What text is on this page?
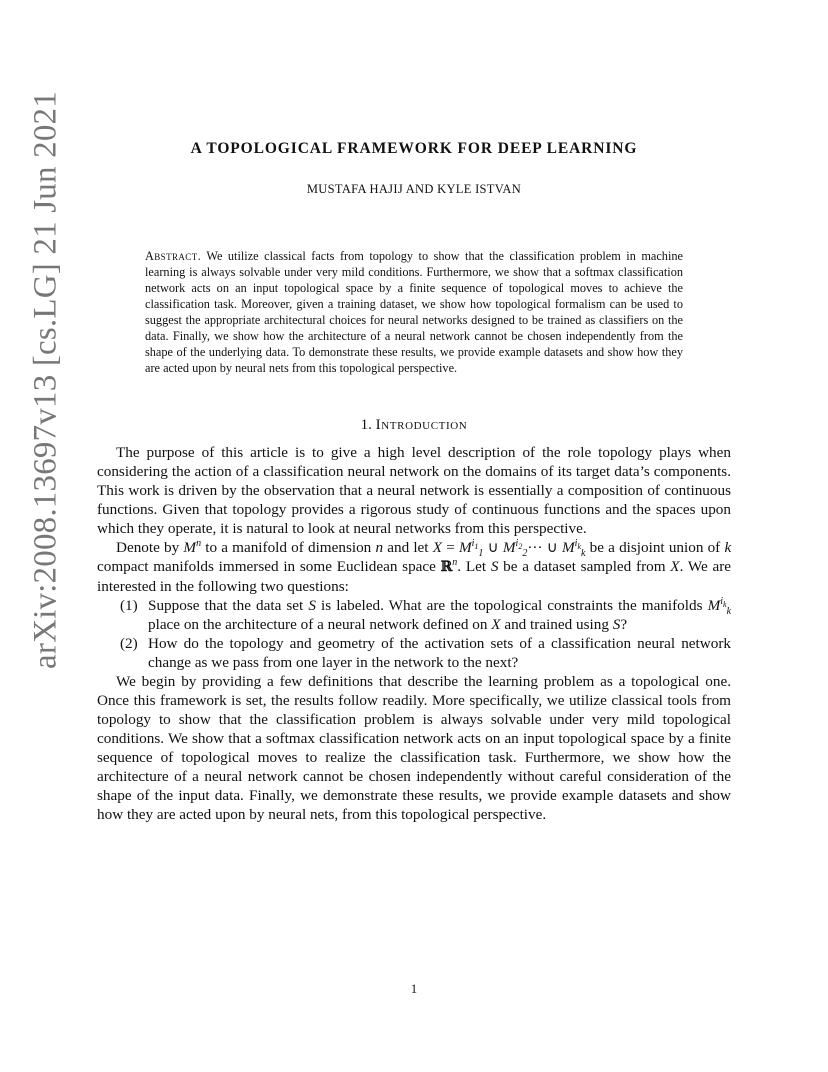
arXiv:2008.13697v13 [cs.LG] 21 Jun 2021	A TOPOLOGICAL FRAMEWORK FOR DEEP LEARNING
MUSTAFA HAJIJ AND KYLE ISTVAN
Abstract. We utilize classical facts from topology to show that the classification problem in machine learning is always solvable under very mild conditions. Furthermore, we show that a softmax classification network acts on an input topological space by a finite sequence of topological moves to achieve the classification task. Moreover, given a training dataset, we show how topological formalism can be used to suggest the appropriate architectural choices for neural networks designed to be trained as classifiers on the data. Finally, we show how the architecture of a neural network cannot be chosen independently from the shape of the underlying data. To demonstrate these results, we provide example datasets and show how they are acted upon by neural nets from this topological perspective.
1. Introduction

The purpose of this article is to give a high level description of the role topology plays when considering the action of a classification neural network on the domains of its target data’s components. This work is driven by the observation that a neural network is essentially a composition of continuous functions. Given that topology provides a rigorous study of continuous functions and the spaces upon which they operate, it is natural to look at neural networks from this perspective.

Denote by $M^n$ to a manifold of dimension n and let $X = M^{i_1}_1$ ∪ $M^{i_2}_2\cdot\cdot\cdot$ ∪ $M^{i_k}_k$ be a disjoint union of k compact manifolds immersed in some Euclidean space ℝ$^n$. Let S be a dataset sampled from X. We are interested in the following two questions:

(1) Suppose that the data set S is labeled. What are the topological constraints the manifolds $M^{i_k}_k$ place on the architecture of a neural network defined on X and trained using S?
(2) How do the topology and geometry of the activation sets of a classification neural network change as we pass from one layer in the network to the next?

We begin by providing a few definitions that describe the learning problem as a topological one. Once this framework is set, the results follow readily. More specifically, we utilize classical tools from topology to show that the classification problem is always solvable under very mild topological conditions. We show that a softmax classification network acts on an input topological space by a finite sequence of topological moves to realize the classification task. Furthermore, we show how the architecture of a neural network cannot be chosen independently without careful consideration of the shape of the input data. Finally, we demonstrate these results, we provide example datasets and show how they are acted upon by neural nets, from this topological perspective.

1
